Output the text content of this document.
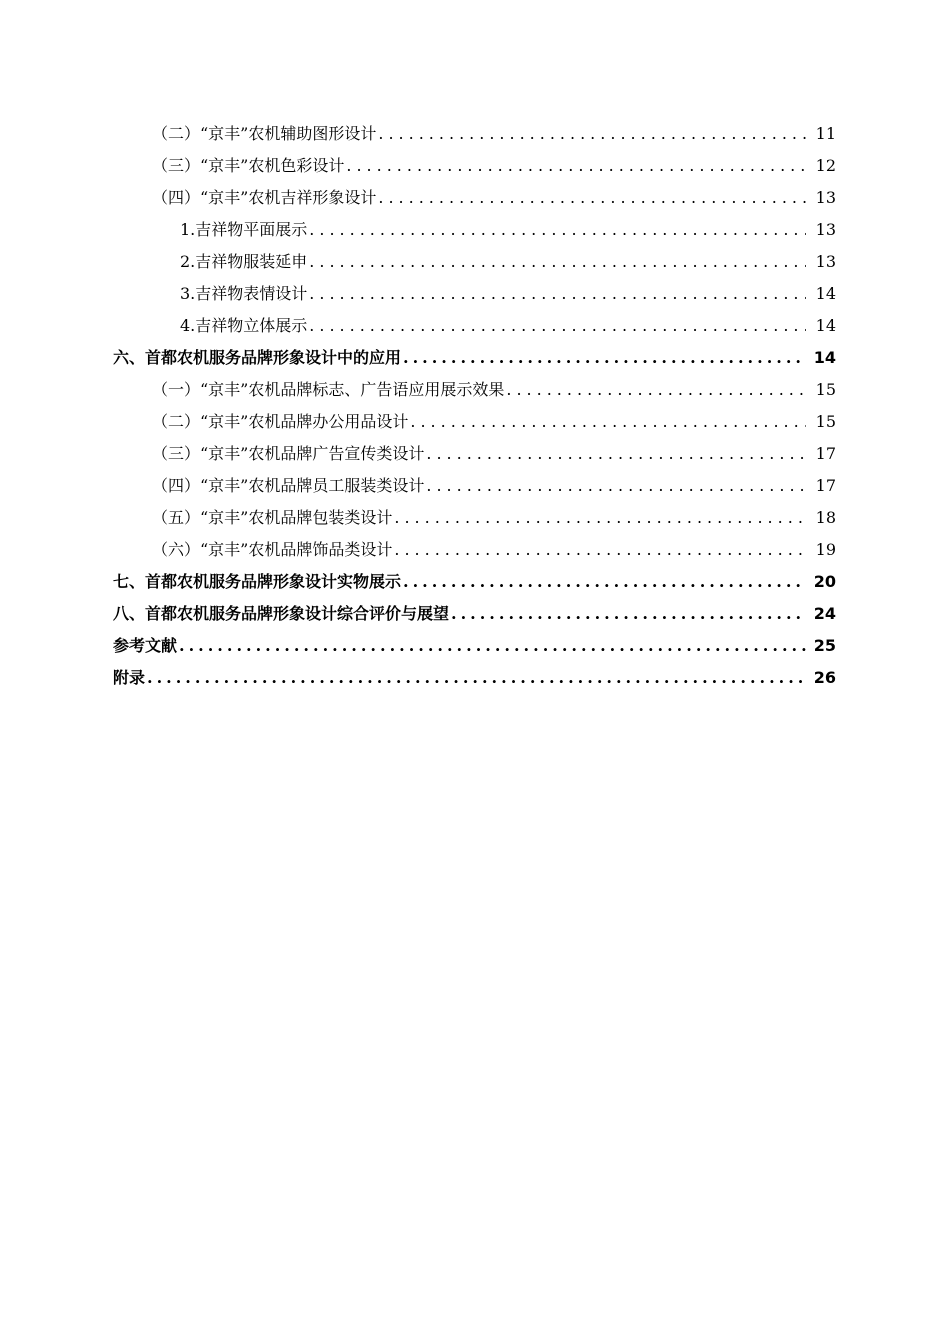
（二）“京丰”农机辅助图形设计 .....	11
（三）“京丰”农机色彩设计 .....	12
（四）“京丰”农机吉祥形象设计 .....	13
1.吉祥物平面展示 .....	13
2.吉祥物服装延申 .....	13
3.吉祥物表情设计 .....	14
4.吉祥物立体展示 .....	14
六、首都农机服务品牌形象设计中的应用 .....	14
（一）“京丰”农机品牌标志、广告语应用展示效果 .....	15
（二）“京丰”农机品牌办公用品设计 .....	15
（三）“京丰”农机品牌广告宣传类设计 .....	17
（四）“京丰”农机品牌员工服装类设计 .....	17
（五）“京丰”农机品牌包装类设计 .....	18
（六）“京丰”农机品牌饰品类设计 .....	19
七、首都农机服务品牌形象设计实物展示 .....	20
八、首都农机服务品牌形象设计综合评价与展望 .....	24
参考文献 .....	25
附录 .....	26
